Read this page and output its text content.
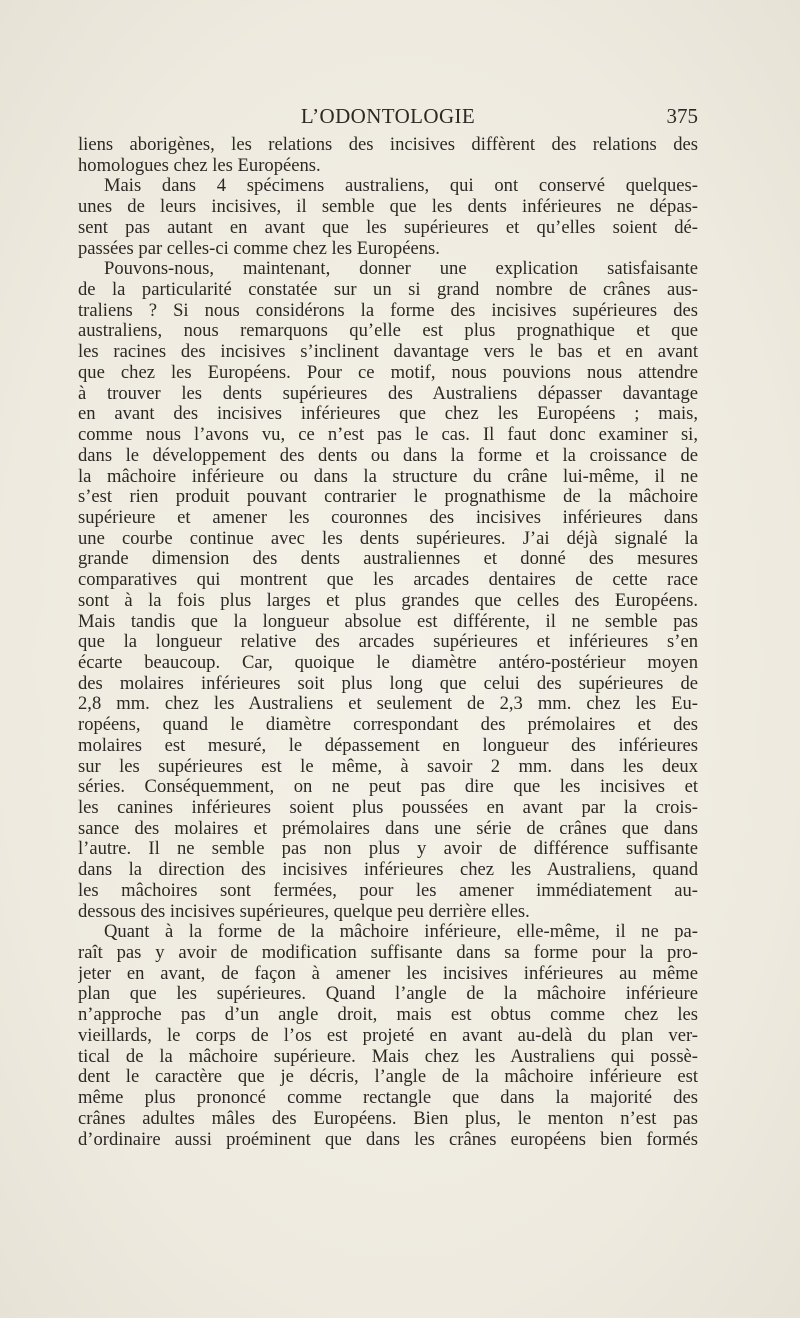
L’ODONTOLOGIE	375
liens aborigènes, les relations des incisives diffèrent des relations des
homologues chez les Européens.
Mais dans 4 spécimens australiens, qui ont conservé quelques-
unes de leurs incisives, il semble que les dents inférieures ne dépas-
sent pas autant en avant que les supérieures et qu’elles soient dé-
passées par celles-ci comme chez les Européens.
Pouvons-nous, maintenant, donner une explication satisfaisante
de la particularité constatée sur un si grand nombre de crânes aus-
traliens ? Si nous considérons la forme des incisives supérieures des
australiens, nous remarquons qu’elle est plus prognathique et que
les racines des incisives s’inclinent davantage vers le bas et en avant
que chez les Européens. Pour ce motif, nous pouvions nous attendre
à trouver les dents supérieures des Australiens dépasser davantage
en avant des incisives inférieures que chez les Européens ; mais,
comme nous l’avons vu, ce n’est pas le cas. Il faut donc examiner si,
dans le développement des dents ou dans la forme et la croissance de
la mâchoire inférieure ou dans la structure du crâne lui-même, il ne
s’est rien produit pouvant contrarier le prognathisme de la mâchoire
supérieure et amener les couronnes des incisives inférieures dans
une courbe continue avec les dents supérieures. J’ai déjà signalé la
grande dimension des dents australiennes et donné des mesures
comparatives qui montrent que les arcades dentaires de cette race
sont à la fois plus larges et plus grandes que celles des Européens.
Mais tandis que la longueur absolue est différente, il ne semble pas
que la longueur relative des arcades supérieures et inférieures s’en
écarte beaucoup. Car, quoique le diamètre antéro-postérieur moyen
des molaires inférieures soit plus long que celui des supérieures de
2,8 mm. chez les Australiens et seulement de 2,3 mm. chez les Eu-
ropéens, quand le diamètre correspondant des prémolaires et des
molaires est mesuré, le dépassement en longueur des inférieures
sur les supérieures est le même, à savoir 2 mm. dans les deux
séries. Conséquemment, on ne peut pas dire que les incisives et
les canines inférieures soient plus poussées en avant par la crois-
sance des molaires et prémolaires dans une série de crânes que dans
l’autre. Il ne semble pas non plus y avoir de différence suffisante
dans la direction des incisives inférieures chez les Australiens, quand
les mâchoires sont fermées, pour les amener immédiatement au-
dessous des incisives supérieures, quelque peu derrière elles.
Quant à la forme de la mâchoire inférieure, elle-même, il ne pa-
raît pas y avoir de modification suffisante dans sa forme pour la pro-
jeter en avant, de façon à amener les incisives inférieures au même
plan que les supérieures. Quand l’angle de la mâchoire inférieure
n’approche pas d’un angle droit, mais est obtus comme chez les
vieillards, le corps de l’os est projeté en avant au-delà du plan ver-
tical de la mâchoire supérieure. Mais chez les Australiens qui possè-
dent le caractère que je décris, l’angle de la mâchoire inférieure est
même plus prononcé comme rectangle que dans la majorité des
crânes adultes mâles des Européens. Bien plus, le menton n’est pas
d’ordinaire aussi proéminent que dans les crânes européens bien formés
